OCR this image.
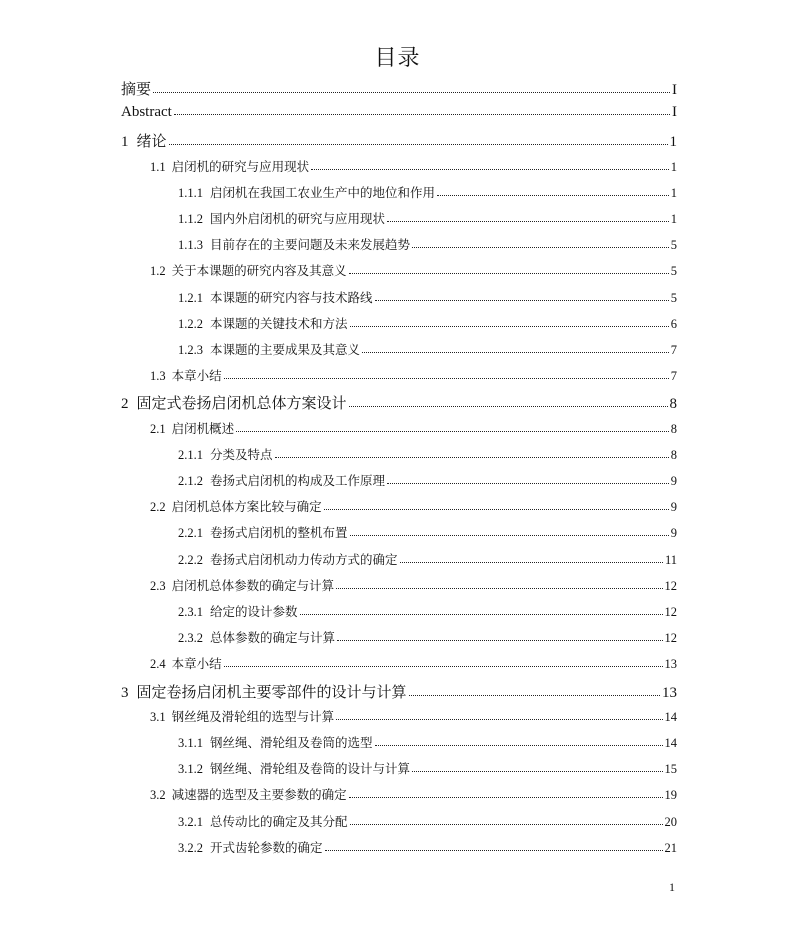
目录
摘要	I
Abstract	I
1 绪论	1
1.1 启闭机的研究与应用现状	1
1.1.1 启闭机在我国工农业生产中的地位和作用	1
1.1.2 国内外启闭机的研究与应用现状	1
1.1.3 目前存在的主要问题及未来发展趋势	5
1.2 关于本课题的研究内容及其意义	5
1.2.1 本课题的研究内容与技术路线	5
1.2.2 本课题的关键技术和方法	6
1.2.3 本课题的主要成果及其意义	7
1.3 本章小结	7
2 固定式卷扬启闭机总体方案设计	8
2.1 启闭机概述	8
2.1.1 分类及特点	8
2.1.2 卷扬式启闭机的构成及工作原理	9
2.2 启闭机总体方案比较与确定	9
2.2.1 卷扬式启闭机的整机布置	9
2.2.2 卷扬式启闭机动力传动方式的确定	11
2.3 启闭机总体参数的确定与计算	12
2.3.1 给定的设计参数	12
2.3.2 总体参数的确定与计算	12
2.4 本章小结	13
3 固定卷扬启闭机主要零部件的设计与计算	13
3.1 钢丝绳及滑轮组的选型与计算	14
3.1.1 钢丝绳、滑轮组及卷筒的选型	14
3.1.2 钢丝绳、滑轮组及卷筒的设计与计算	15
3.2 减速器的选型及主要参数的确定	19
3.2.1 总传动比的确定及其分配	20
3.2.2 开式齿轮参数的确定	21
1
